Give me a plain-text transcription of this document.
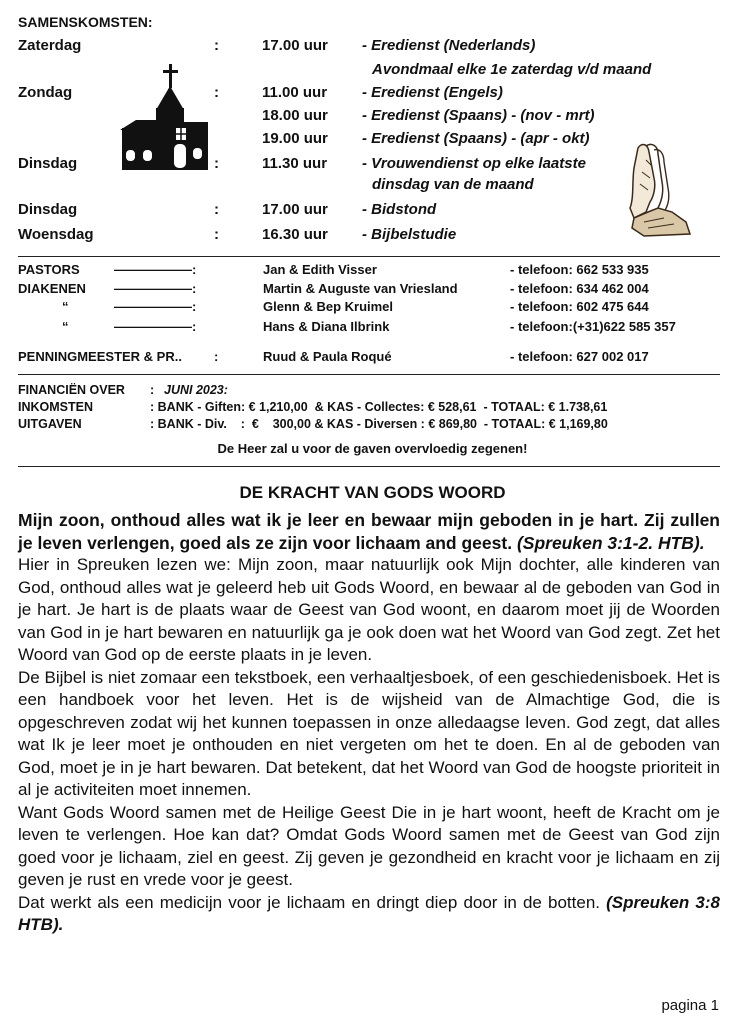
SAMENSKOMSTEN:
Zaterdag	:	17.00 uur - Eredienst (Nederlands)
Avondmaal elke 1e zaterdag v/d maand
Zondag	:	11.00 uur - Eredienst (Engels)
18.00 uur - Eredienst (Spaans) - (nov - mrt)
19.00 uur - Eredienst (Spaans) - (apr - okt)
Dinsdag	:	11.30 uur - Vrouwendienst op elke laatste
dinsdag van de maand
Dinsdag	:	17.00 uur - Bidstond
Woensdag	:	16.30 uur - Bijbelstudie
PASTORS	——————:	Jan & Edith Visser	- telefoon: 662 533 935
DIAKENEN ——————:	Martin & Auguste van Vriesland	- telefoon: 634 462 004
“	——————:	Glenn & Bep Kruimel	- telefoon: 602 475 644
“	——————:	Hans & Diana Ilbrink	- telefoon:(+31)622 585 357
PENNINGMEESTER & PR.. :	Ruud & Paula Roqué	- telefoon: 627 002 017
FINANCIËN OVER : JUNI 2023:
INKOMSTEN	: BANK - Giften: € 1,210,00  & KAS - Collectes: € 528,61  - TOTAAL: € 1.738,61
UITGAVEN	: BANK - Div.    :  €    300,00 & KAS - Diversen : € 869,80  - TOTAAL: € 1,169,80
De Heer zal u voor de gaven overvloedig zegenen!
DE KRACHT VAN GODS WOORD

Mijn zoon, onthoud alles wat ik je leer en bewaar mijn geboden in je hart. Zij zullen je leven verlengen, goed als ze zijn voor lichaam and geest. (Spreuken 3:1-2. HTB).

Hier in Spreuken lezen we: Mijn zoon, maar natuurlijk ook Mijn dochter, alle kinderen van God, onthoud alles wat je geleerd heb uit Gods Woord, en bewaar al de geboden van God in je hart. Je hart is de plaats waar de Geest van God woont, en daarom moet jij de Woorden van God in je hart bewaren en natuurlijk ga je ook doen wat het Woord van God zegt. Zet het Woord van God op de eerste plaats in je leven.

De Bijbel is niet zomaar een tekstboek, een verhaaltjesboek, of een geschiedenisboek. Het is een handboek voor het leven. Het is de wijsheid van de Almachtige God, die is opgeschreven zodat wij het kunnen toepassen in onze alledaagse leven. God zegt, dat alles wat Ik je leer moet je onthouden en niet vergeten om het te doen. En al de geboden van God, moet je in je hart bewaren. Dat betekent, dat het Woord van God de hoogste prioriteit in al je activiteiten moet innemen.

Want Gods Woord samen met de Heilige Geest Die in je hart woont, heeft de Kracht om je leven te verlengen. Hoe kan dat? Omdat Gods Woord samen met de Geest van God zijn goed voor je lichaam, ziel en geest. Zij geven je gezondheid en kracht voor je lichaam en zij geven je rust en vrede voor je geest.

Dat werkt als een medicijn voor je lichaam en dringt diep door in de botten. (Spreuken 3:8 HTB).

pagina 1
